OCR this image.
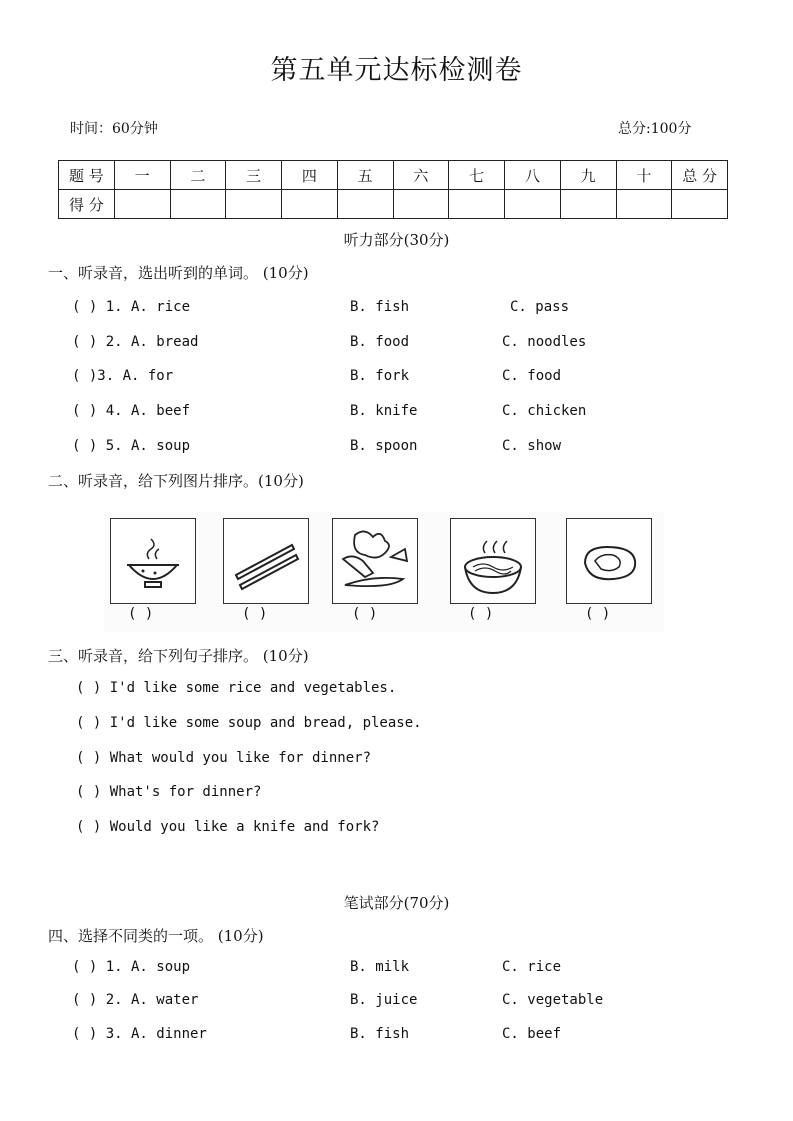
第五单元达标检测卷
时间：60分钟	总分:100分
题 号	一	二	三	四	五	六	七	八	九	十	总 分
得 分											
听力部分(30分)
一、听录音，选出听到的单词。 (10分)
( ) 1. A. rice	B. fish	C. pass
( ) 2. A. bread	B. food	C. noodles
( )3. A. for	B. fork	C. food
( ) 4. A. beef	B. knife	C. chicken
( ) 5. A. soup	B. spoon	C. show
二、听录音，给下列图片排序。(10分)
( )	( )	( )	( )	( )
三、听录音，给下列句子排序。 (10分)
( ) I'd like some rice and vegetables.
( ) I'd like some soup and bread, please.
( ) What would you like for dinner?
( ) What's for dinner?
( ) Would you like a knife and fork?
笔试部分(70分)
四、选择不同类的一项。 (10分)
( ) 1. A. soup	B. milk	C. rice
( ) 2. A. water	B. juice	C. vegetable
( ) 3. A. dinner	B. fish	C. beef
